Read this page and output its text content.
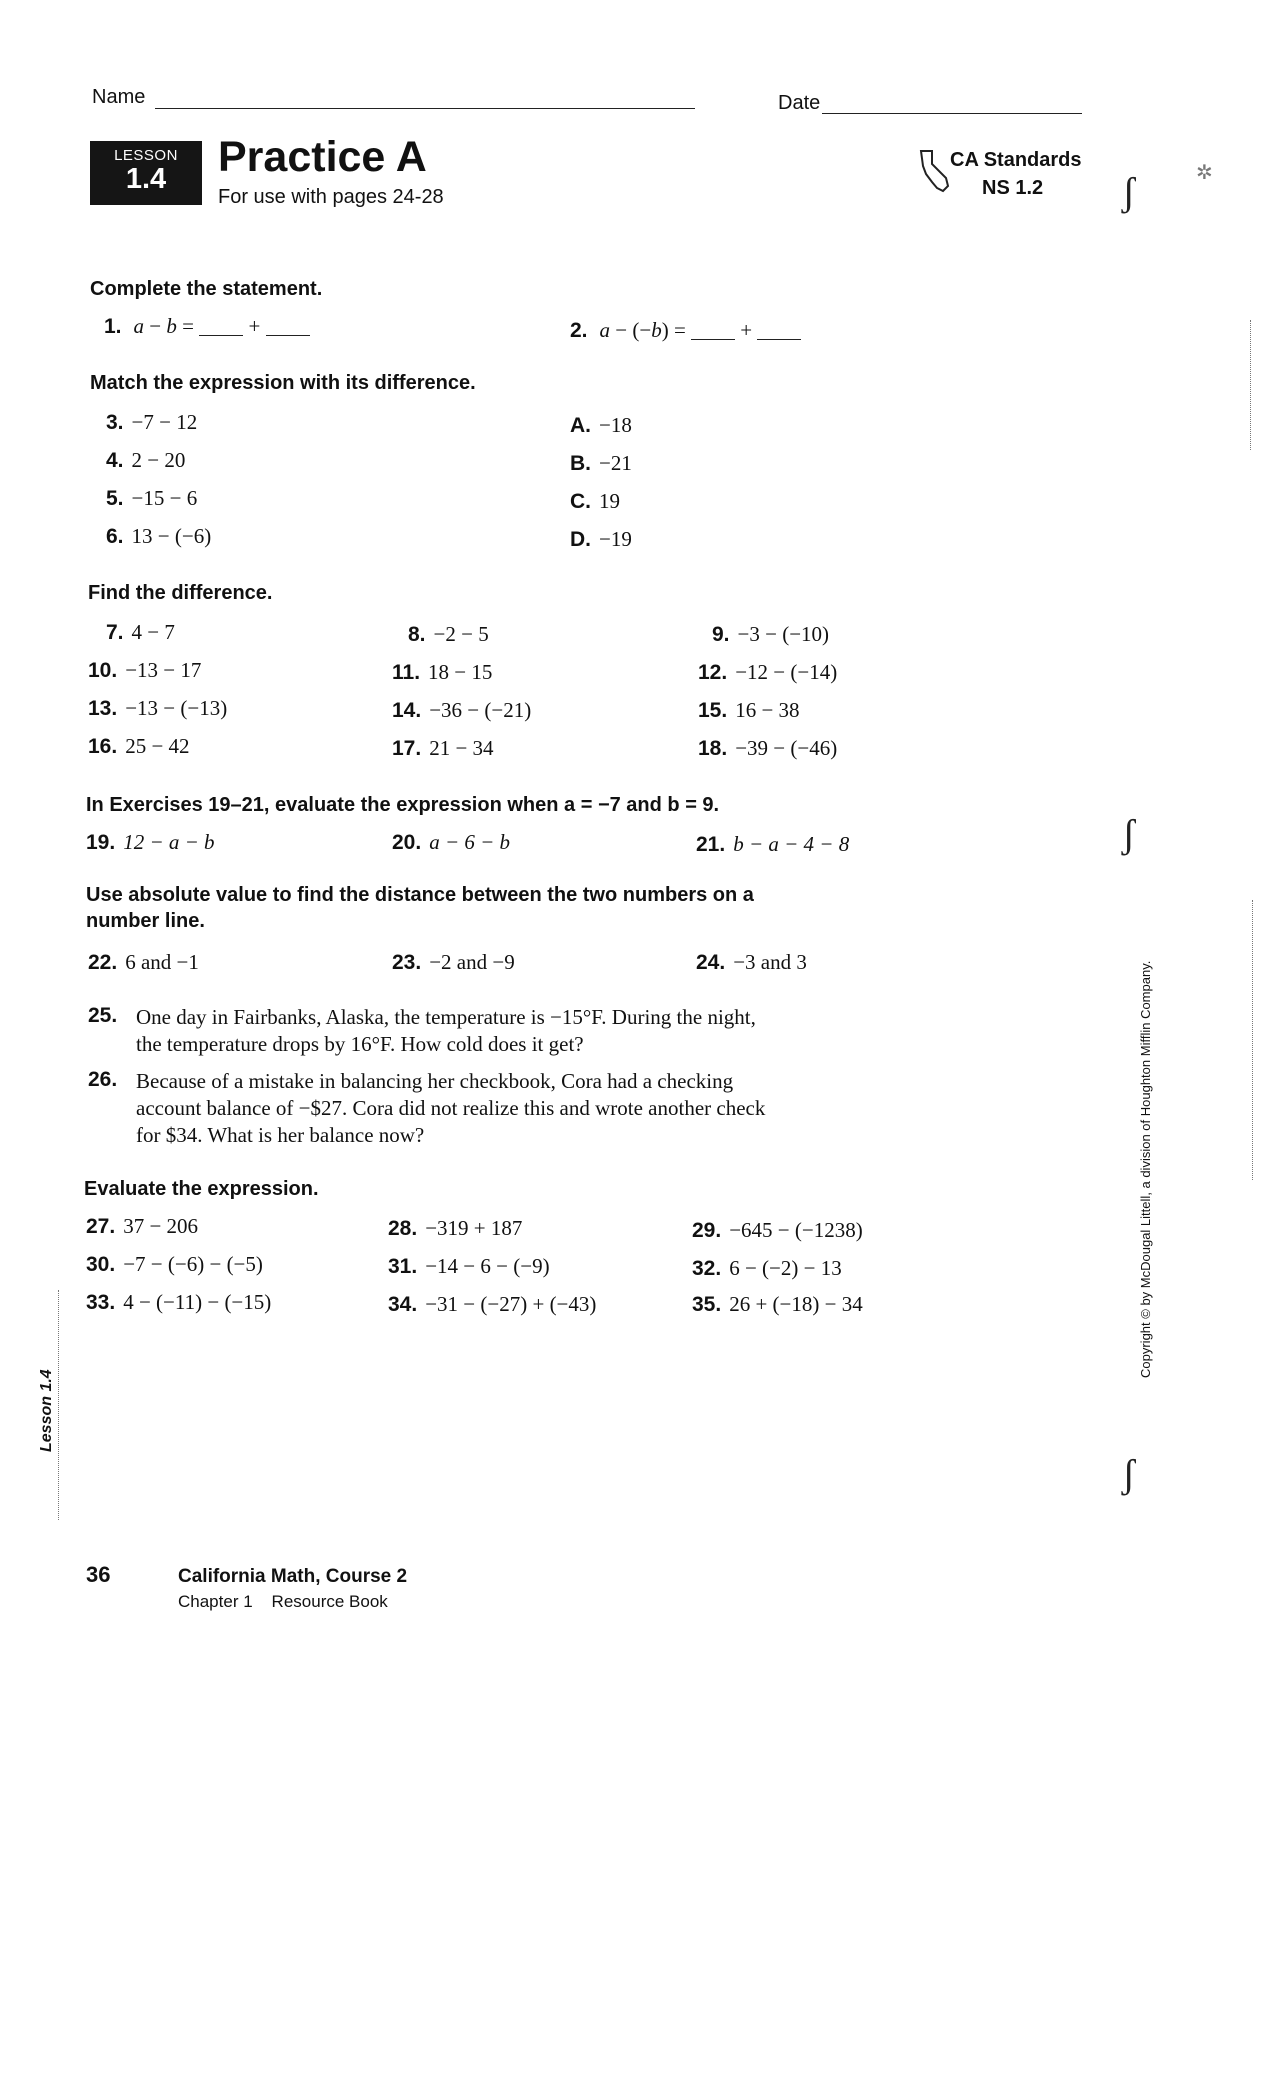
Name	Date
LESSON
1.4	Practice A
For use with pages 24-28
CA Standards
NS 1.2
Complete the statement.
1. a − b =  +	2. a − (−b) =  +
Match the expression with its difference.
3. −7 − 12
4. 2 − 20
5. −15 − 6
6. 13 − (−6)
A. −18
B. −21
C. 19
D. −19
Find the difference.
7. 4 − 7	8. −2 − 5	9. −3 − (−10)
10. −13 − 17	11. 18 − 15	12. −12 − (−14)
13. −13 − (−13)	14. −36 − (−21)	15. 16 − 38
16. 25 − 42	17. 21 − 34	18. −39 − (−46)
In Exercises 19–21, evaluate the expression when a = −7 and b = 9.
19. 12 − a − b	20. a − 6 − b	21. b − a − 4 − 8
Use absolute value to find the distance between the two numbers on a
number line.
22. 6 and −1	23. −2 and −9	24. −3 and 3
25. One day in Fairbanks, Alaska, the temperature is −15°F. During the night,
the temperature drops by 16°F. How cold does it get?
26. Because of a mistake in balancing her checkbook, Cora had a checking
account balance of −$27. Cora did not realize this and wrote another check
for $34. What is her balance now?
Evaluate the expression.
27. 37 − 206	28. −319 + 187	29. −645 − (−1238)
30. −7 − (−6) − (−5)	31. −14 − 6 − (−9)	32. 6 − (−2) − 13
33. 4 − (−11) − (−15)	34. −31 − (−27) + (−43)	35. 26 + (−18) − 34
36	California Math, Course 2
Chapter 1    Resource Book
Copyright © by McDougal Littell, a division of Houghton Mifflin Company.
Lesson 1.4
ʃ
ʃ
ʃ
✲
